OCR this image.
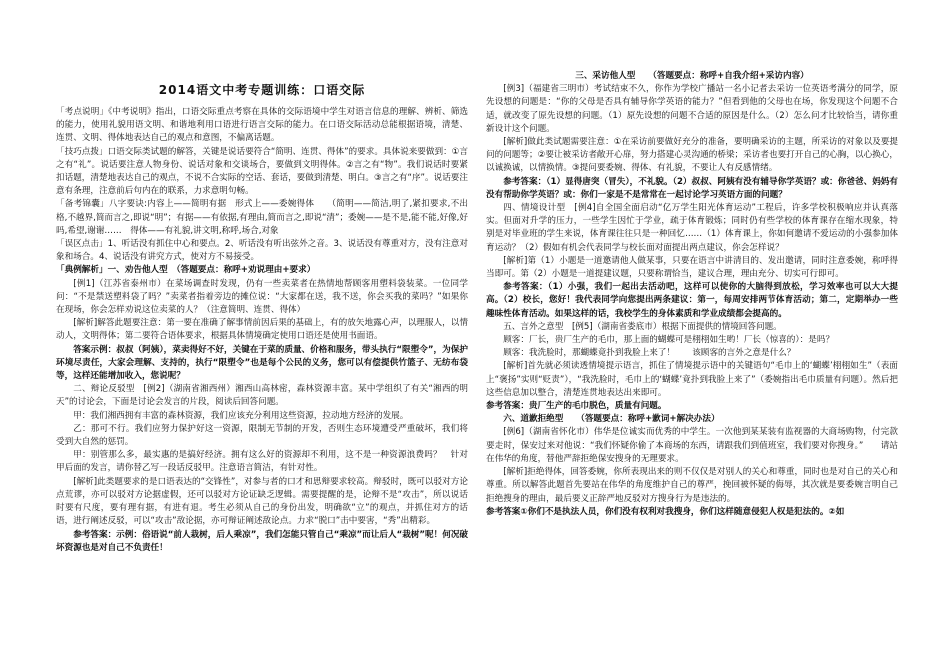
2014语文中考专题训练：口语交际
「考点说明」《中考说明》指出，口语交际重点考察在具体的交际语境中学生对语言信息的理解、辨析、筛选的能力，使用礼貌用语文明、和谐地利用口语进行语言交际的能力。在口语交际活动总能根据语境，清楚、连贯、文明、得体地表达自己的观点和意图，不偏离话题。
「技巧点拨」口语交际类试题的解答，关键是说话要符合“简明、连贯、得体”的要求。具体说来要做到：①言之有“礼”。说话要注意人物身份、说话对象和交谈场合，要做到文明得体。②言之有“物”。我们说话时要紧扣话题，清楚地表达自己的观点，不说不合实际的空话、套话，要做到清楚、明白。③言之有“序”。说话要注意有条理，注意前后句内在的联系，力求意明句畅。
「备考锦囊」八字要诀:内容上——简明有据　形式上——委婉得体　　（简明——简洁,明了,紧扣要求,不出格,不越界,简而言之,即说“明”；有据——有依据,有理由,简而言之,即说“清”；委婉——是不是,能不能,好像,好吗,希望,谢谢……　得体——有礼貌,讲文明,称呼,场合,对象
「误区点击」1、听话没有抓住中心和要点。2、听话没有听出弦外之音。3、说话没有尊重对方，没有注意对象和场合。4、说话没有讲究方式，使对方不易接受。
「典例解析」一、劝告他人型　（答题要点：称呼+劝说理由+要求）
[例1]（江苏省泰州市）在菜场调查时发现，仍有一些卖菜者在热情地帮顾客用塑料袋装菜。一位同学问：“不是禁送塑料袋了吗？”卖菜者指着旁边的摊位说：“大家都在送，我不送，你会买我的菜吗？”如果你在现场，你会怎样劝说这位卖菜的人？（注意简明、连贯、得体）
[解析]解答此题要注意：第一要在准确了解事情前因后果的基础上，有的放矢地露心声，以理服人，以情动人，文明得体；第二要符合语体要求，根据具体情境确定使用口语还是使用书面语。
答案示例：叔叔（阿姨），菜卖得好不好，关键在于菜的质量、价格和服务，带头执行“限塑令”，为保护环境尽责任，大家会理解、支持的，执行“限塑令”也是每个公民的义务，您可以有偿提供竹篮子、无纺布袋等，这样还能增加收入，您说呢？
二、辩论反驳型　[例2]（湖南省湘西州）湘西山高林密，森林资源丰富。某中学组织了有关“湘西的明天”的讨论会，下面是讨论会发言的片段，阅读后回答问题。
甲：我们湘西拥有丰富的森林资源，我们应该充分利用这些资源，拉动地方经济的发展。
乙：那可不行。我们应努力保护好这一资源，限制无节制的开发，否则生态环境遭受严重破坏，我们将受到大自然的惩罚。
甲：别管那么多，最实惠的是搞好经济。拥有这么好的资源却不利用，这不是一种资源浪费吗？　针对甲后面的发言，请你替乙写一段话反驳甲。注意语言简洁，有针对性。
[解析]此类题要求的是口语表达的“交锋性”，对参与者的口才和思辩要求较高。辩驳时，既可以驳对方论点荒谬，亦可以驳对方论据虚假，还可以驳对方论证缺乏逻辑。需要提醒的是，论辩不是“攻击”，所以说话时要有尺度，要有理有据，有进有退。考生必须从自己的身份出发，明确欲“立”的观点，并抓住对方的话语，进行阐述反驳，可以“攻击”敌论据，亦可辩证阐述敌论点。力求“脱口”击中要害，“秀”出精彩。
参考答案：示例：俗语说“前人栽树，后人乘凉”，我们怎能只管自己“乘凉”而让后人“栽树”呢！何况破坏资源也是对自己不负责任！
三、采访他人型　　（答题要点：称呼+自我介绍+采访内容）
[例3]（福建省三明市）考试结束不久，你作为学校广播站一名小记者去采访一位英语考满分的同学，原先设想的问题是：“你的父母是否具有辅导你学英语的能力？”但看到他的父母也在场，你发现这个问题不合适，就改变了原先设想的问题。（1）原先设想的问题不合适的原因是什么。（2）怎么问才比较恰当，请你重新设计这个问题。
[解析]做此类试题需要注意：①在采访前要做好充分的准备，要明确采访的主题，所采访的对象以及要提问的问题等；②要让被采访者敞开心扉，努力搭建心灵沟通的桥梁；采访者也要打开自己的心胸，以心换心，以诚换诚，以情换情。③提问要委婉、得体、有礼貌，不要让人有反感情绪。
参考答案：（1）显得唐突（冒失），不礼貌。（2）叔叔、阿姨有没有辅导你学英语？或：你爸爸、妈妈有没有帮助你学英语？或：你们一家是不是常常在一起讨论学习英语方面的问题？
四、情境设计型　[例4]自全国全面启动“亿万学生阳光体育运动”工程后，许多学校积极响应并认真落实。但面对升学的压力，一些学生因忙于学业，疏于体育锻炼；同时仍有些学校的体育课存在缩水现象，特别是对毕业班的学生来说，体育课往往只是一种回忆……（1）体育课上，你如何邀请不爱运动的小强参加体育运动？（2）假如有机会代表同学与校长面对面提出两点建议，你会怎样说？
[解析]第（1）小题是一道邀请他人做某事，只要在语言中讲清目的、发出邀请，同时注意委婉，称呼得当即可。第（2）小题是一道提建议题，只要称谓恰当，建议合理，理由充分、切实可行即可。
参考答案：（1）小强，我们一起出去活动吧，这样可以使你的大脑得到放松，学习效率也可以大大提高。（2）校长，您好！我代表同学向您提出两条建议：第一，每周安排两节体育活动；第二，定期举办一些趣味性体育活动。如果这样的话，我校学生的身体素质和学业成绩都会提高的。
五、言外之意型　[例5]（湖南省娄底市）根据下面提供的情境回答问题。
顾客：厂长，贵厂生产的毛巾，那上面的蝴蝶可是栩栩如生哟！厂长（惊喜的）：是吗？
顾客：我洗脸时，那蝴蝶竟扑到我脸上来了！　　该顾客的言外之意是什么？
[解析]首先就必须读透情境提示语言，抓住了情境提示语中的关键语句“毛巾上的‘蝴蝶’栩栩如生”（表面上“褒扬”实则“贬责”），“我洗脸时，毛巾上的‘蝴蝶’竟扑到我脸上来了”（委婉指出毛巾质量有问题）。然后把这些信息加以整合，清楚连贯地表达出来即可。
参考答案：贵厂生产的毛巾脱色，质量有问题。
六、道歉拒绝型　　（答题要点：称呼+歉词+解决办法）
[例6]（湖南省怀化市）伟华是位诚实而优秀的中学生。一次他到某某装有监视器的大商场购物，付完款要走时，保安过来对他说：“我们怀疑你偷了本商场的东西，请跟我们到值班室，我们要对你搜身。”　　请站在伟华的角度，替他严辞拒绝保安搜身的无理要求。
[解析]拒绝得体，回答委婉，你所表现出来的则不仅仅是对别人的关心和尊重，同时也是对自己的关心和尊重。所以解答此题首先要站在伟华的角度维护自己的尊严，挽回被怀疑的侮辱，其次就是要委婉言明自己拒绝搜身的理由，最后要义正辞严地反驳对方搜身行为是违法的。
参考答案①你们不是执法人员，你们没有权利对我搜身，你们这样随意侵犯人权是犯法的。②如
